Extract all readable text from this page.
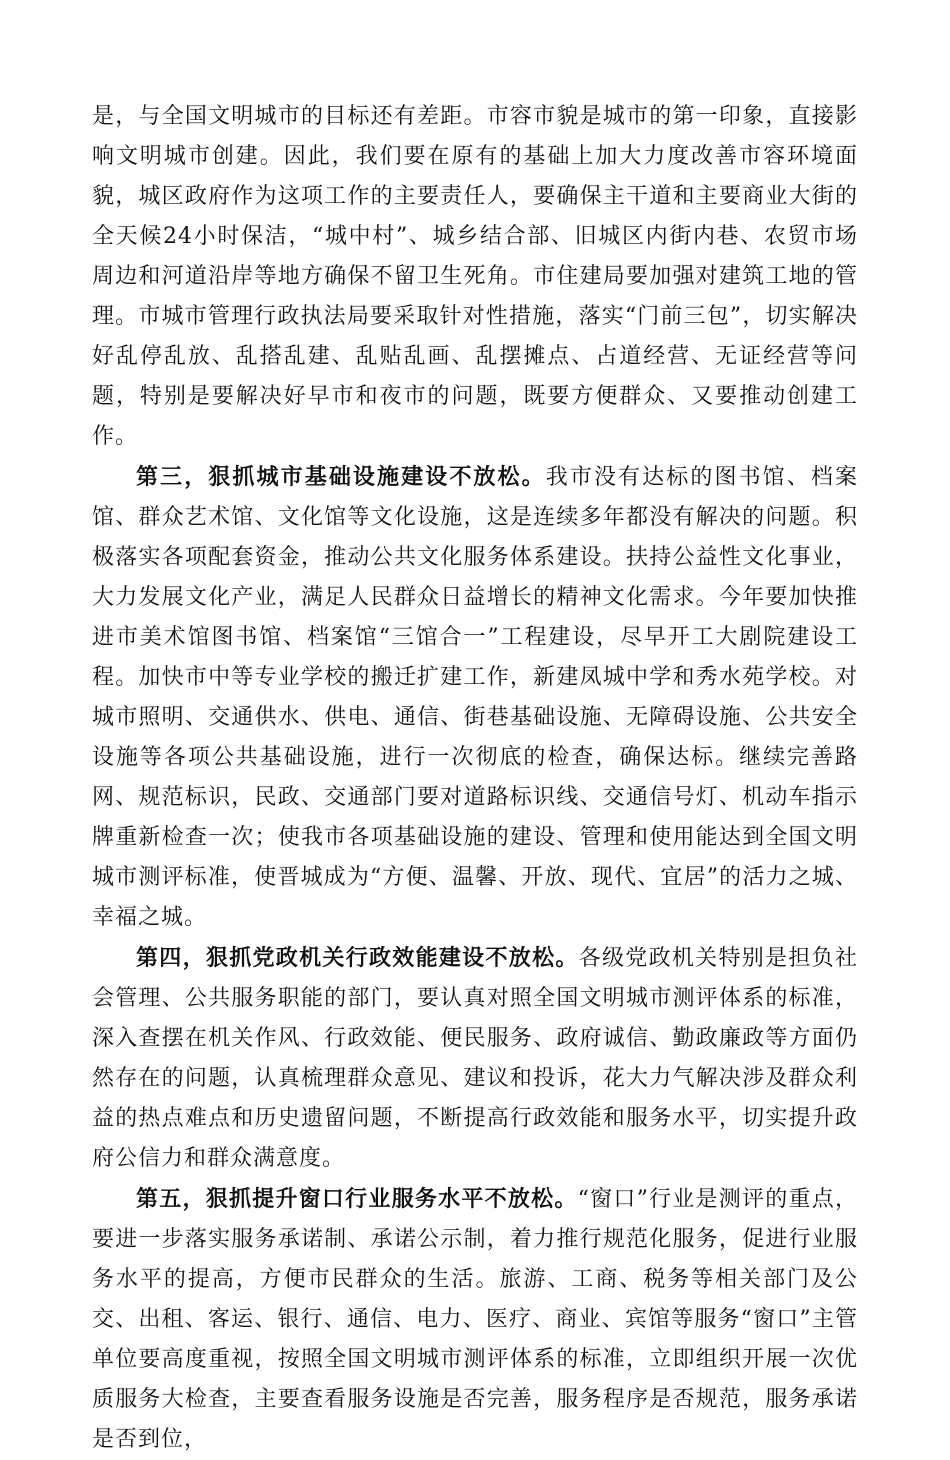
是，与全国文明城市的目标还有差距。市容市貌是城市的第一印象，直接影响文明城市创建。因此，我们要在原有的基础上加大力度改善市容环境面貌，城区政府作为这项工作的主要责任人，要确保主干道和主要商业大街的全天候24小时保洁，“城中村”、城乡结合部、旧城区内街内巷、农贸市场周边和河道沿岸等地方确保不留卫生死角。市住建局要加强对建筑工地的管理。市城市管理行政执法局要采取针对性措施，落实“门前三包”，切实解决好乱停乱放、乱搭乱建、乱贴乱画、乱摆摊点、占道经营、无证经营等问题，特别是要解决好早市和夜市的问题，既要方便群众、又要推动创建工作。

第三，狠抓城市基础设施建设不放松。我市没有达标的图书馆、档案馆、群众艺术馆、文化馆等文化设施，这是连续多年都没有解决的问题。积极落实各项配套资金，推动公共文化服务体系建设。扶持公益性文化事业，大力发展文化产业，满足人民群众日益增长的精神文化需求。今年要加快推进市美术馆图书馆、档案馆“三馆合一”工程建设，尽早开工大剧院建设工程。加快市中等专业学校的搬迁扩建工作，新建凤城中学和秀水苑学校。对城市照明、交通供水、供电、通信、街巷基础设施、无障碍设施、公共安全设施等各项公共基础设施，进行一次彻底的检查，确保达标。继续完善路网、规范标识，民政、交通部门要对道路标识线、交通信号灯、机动车指示牌重新检查一次；使我市各项基础设施的建设、管理和使用能达到全国文明城市测评标准，使晋城成为“方便、温馨、开放、现代、宜居”的活力之城、幸福之城。

第四，狠抓党政机关行政效能建设不放松。各级党政机关特别是担负社会管理、公共服务职能的部门，要认真对照全国文明城市测评体系的标准，深入查摆在机关作风、行政效能、便民服务、政府诚信、勤政廉政等方面仍然存在的问题，认真梳理群众意见、建议和投诉，花大力气解决涉及群众利益的热点难点和历史遗留问题，不断提高行政效能和服务水平，切实提升政府公信力和群众满意度。

第五，狠抓提升窗口行业服务水平不放松。“窗口”行业是测评的重点，要进一步落实服务承诺制、承诺公示制，着力推行规范化服务，促进行业服务水平的提高，方便市民群众的生活。旅游、工商、税务等相关部门及公交、出租、客运、银行、通信、电力、医疗、商业、宾馆等服务“窗口”主管单位要高度重视，按照全国文明城市测评体系的标准，立即组织开展一次优质服务大检查，主要查看服务设施是否完善，服务程序是否规范，服务承诺是否到位，
